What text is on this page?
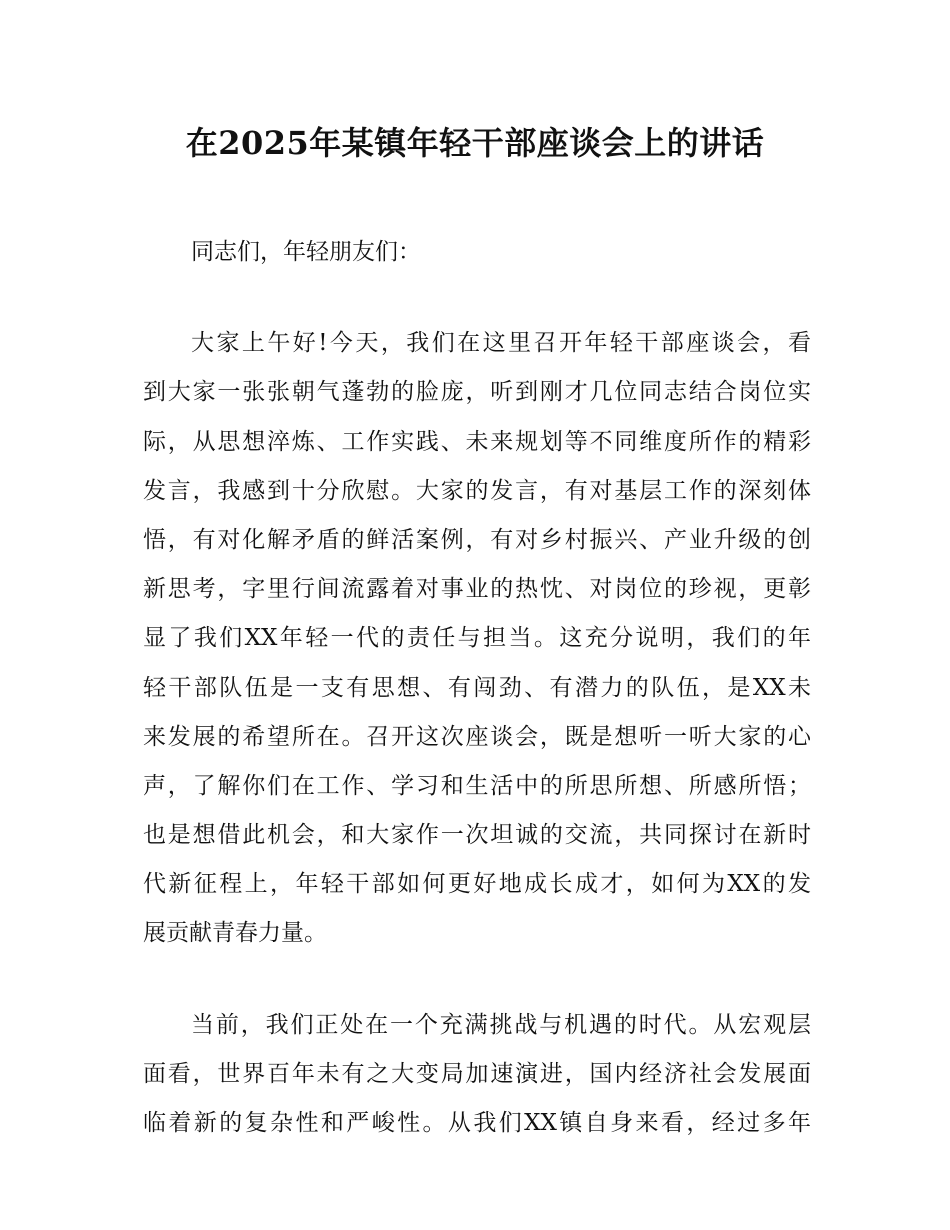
在2025年某镇年轻干部座谈会上的讲话
同志们，年轻朋友们：
大家上午好!今天，我们在这里召开年轻干部座谈会，看
到大家一张张朝气蓬勃的脸庞，听到刚才几位同志结合岗位实
际，从思想淬炼、工作实践、未来规划等不同维度所作的精彩
发言，我感到十分欣慰。大家的发言，有对基层工作的深刻体
悟，有对化解矛盾的鲜活案例，有对乡村振兴、产业升级的创
新思考，字里行间流露着对事业的热忱、对岗位的珍视，更彰
显了我们XX年轻一代的责任与担当。这充分说明，我们的年
轻干部队伍是一支有思想、有闯劲、有潜力的队伍，是XX未
来发展的希望所在。召开这次座谈会，既是想听一听大家的心
声，了解你们在工作、学习和生活中的所思所想、所感所悟；
也是想借此机会，和大家作一次坦诚的交流，共同探讨在新时
代新征程上，年轻干部如何更好地成长成才，如何为XX的发
展贡献青春力量。
当前，我们正处在一个充满挑战与机遇的时代。从宏观层
面看，世界百年未有之大变局加速演进，国内经济社会发展面
临着新的复杂性和严峻性。从我们XX镇自身来看，经过多年
